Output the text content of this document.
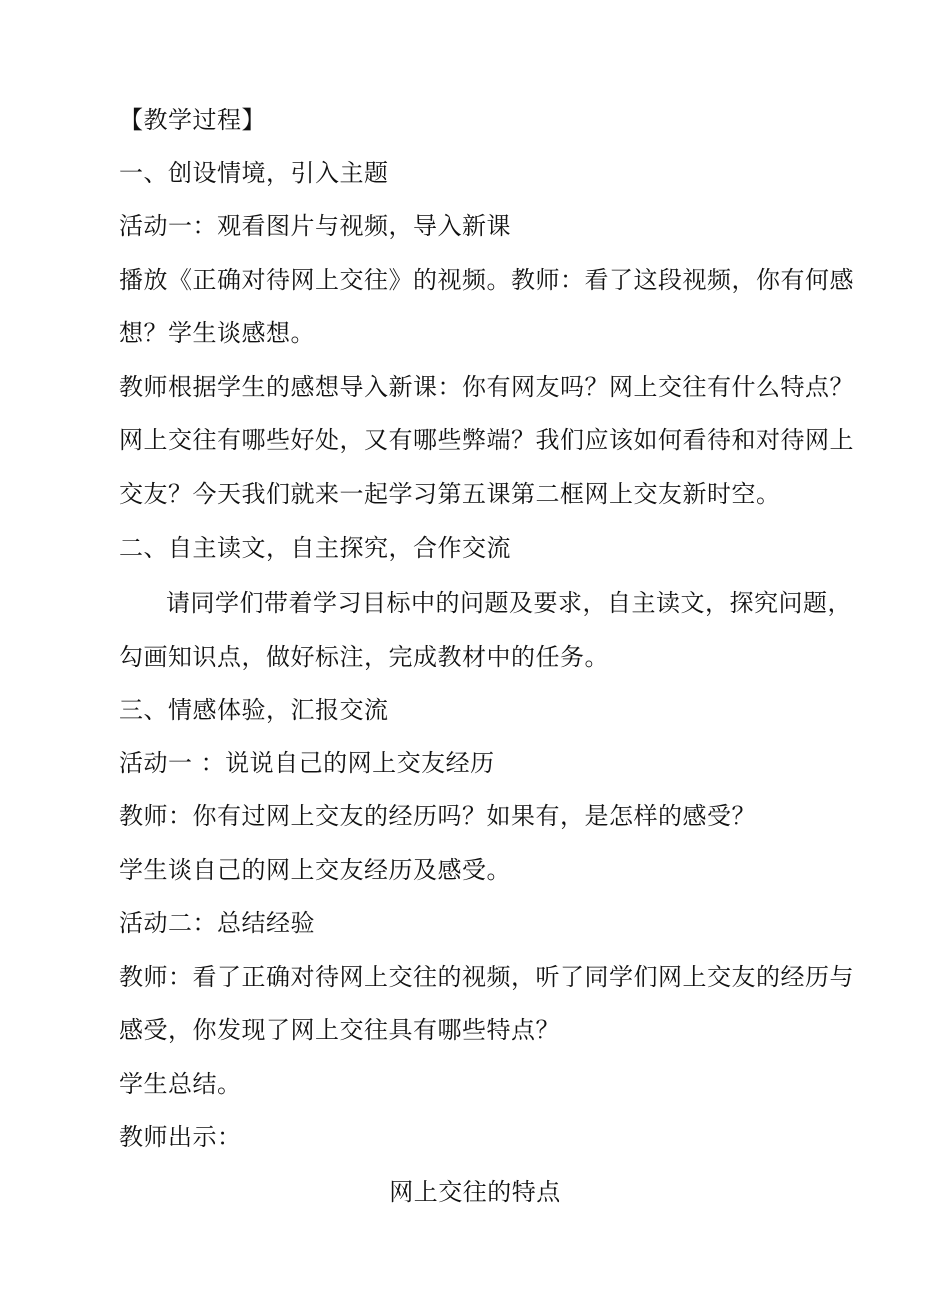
【教学过程】
一、创设情境，引入主题
活动一：观看图片与视频，导入新课
播放《正确对待网上交往》的视频。教师：看了这段视频，你有何感
想？学生谈感想。
教师根据学生的感想导入新课：你有网友吗？网上交往有什么特点？
网上交往有哪些好处，又有哪些弊端？我们应该如何看待和对待网上
交友？今天我们就来一起学习第五课第二框网上交友新时空。
二、自主读文，自主探究，合作交流
请同学们带着学习目标中的问题及要求，自主读文，探究问题，
勾画知识点，做好标注，完成教材中的任务。
三、情感体验，汇报交流
活动一 ：说说自己的网上交友经历
教师：你有过网上交友的经历吗？如果有，是怎样的感受？
学生谈自己的网上交友经历及感受。
活动二：总结经验
教师：看了正确对待网上交往的视频，听了同学们网上交友的经历与
感受，你发现了网上交往具有哪些特点？
学生总结。
教师出示：
网上交往的特点
